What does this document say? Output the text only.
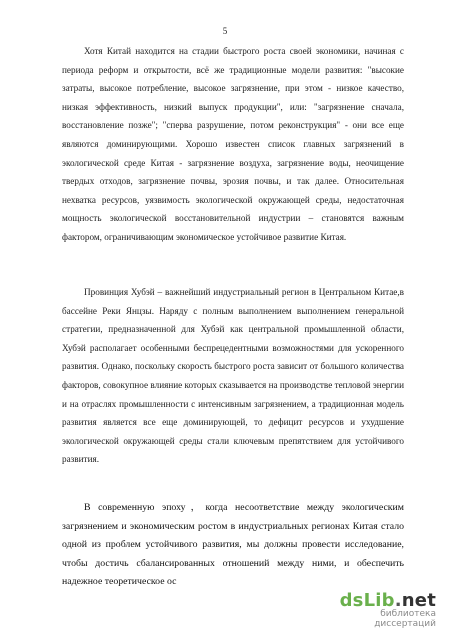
5

Хотя Китай находится на стадии быстрого роста своей экономики, начиная с периода реформ и открытости, всё же традиционные модели развития: "высокие затраты, высокое потребление, высокое загрязнение, при этом - низкое качество, низкая эффективность, низкий выпуск продукции", или: "загрязнение сначала, восстановление позже"; "сперва разрушение, потом реконструкция" - они все еще являются доминирующими. Хорошо известен список главных загрязнений в экологической среде Китая - загрязнение воздуха, загрязнение воды, неочищение твердых отходов, загрязнение почвы, эрозия почвы, и так далее. Относительная нехватка ресурсов, уязвимость экологической окружающей среды, недостаточная мощность экологической восстановительной индустрии – становятся важным фактором, ограничивающим экономическое устойчивое развитие Китая.

Провинция Хубэй – важнейший индустриальный регион в Центральном Китае,в бассейне Реки Янцзы. Наряду с полным выполнением выполнением генеральной стратегии, предназначенной для Хубэй как центральной промышленной области, Хубэй располагает особенными беспрецедентными возможностями для ускоренного развития. Однако, поскольку скорость быстрого роста зависит от большого количества факторов, совокупное влияние которых сказывается на производстве тепловой энергии и на отраслях промышленности с интенсивным загрязнением, а традиционная модель развития является все еще доминирующей, то дефицит ресурсов и ухудшение экологической окружающей среды стали ключевым препятствием для устойчивого развития.

В современную эпоху，когда несоответствие между экологическим загрязнением и экономическим ростом в индустриальных регионах Китая стало одной из проблем устойчивого развития, мы должны провести исследование, чтобы достичь сбалансированных отношений между ними, и обеспечить надежное теоретическое ос

dsLib.net
библиотека диссертаций
